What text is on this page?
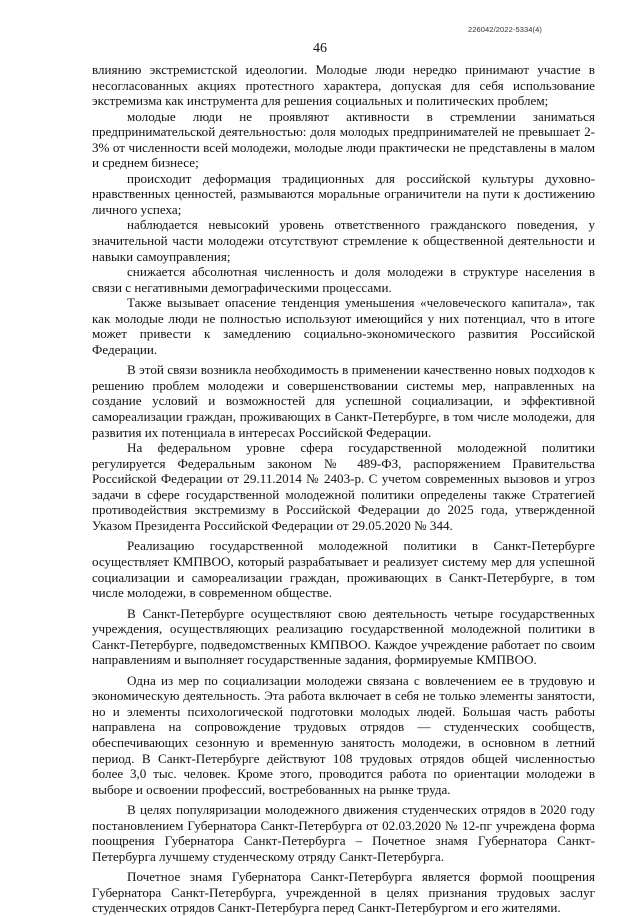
226042/2022-5334(4)
46

влиянию экстремистской идеологии. Молодые люди нередко принимают участие в несогласованных акциях протестного характера, допуская для себя использование экстремизма как инструмента для решения социальных и политических проблем;

молодые люди не проявляют активности в стремлении заниматься предпринимательской деятельностью: доля молодых предпринимателей не превышает 2-3% от численности всей молодежи, молодые люди практически не представлены в малом и среднем бизнесе;

происходит деформация традиционных для российской культуры духовно-нравственных ценностей, размываются моральные ограничители на пути к достижению личного успеха;

наблюдается невысокий уровень ответственного гражданского поведения, у значительной части молодежи отсутствуют стремление к общественной деятельности и навыки самоуправления;

снижается абсолютная численность и доля молодежи в структуре населения в связи с негативными демографическими процессами.

Также вызывает опасение тенденция уменьшения «человеческого капитала», так как молодые люди не полностью используют имеющийся у них потенциал, что в итоге может привести к замедлению социально-экономического развития Российской Федерации.

В этой связи возникла необходимость в применении качественно новых подходов к решению проблем молодежи и совершенствовании системы мер, направленных на создание условий и возможностей для успешной социализации, и эффективной самореализации граждан, проживающих в Санкт-Петербурге, в том числе молодежи, для развития их потенциала в интересах Российской Федерации.

На федеральном уровне сфера государственной молодежной политики регулируется Федеральным законом № 489-ФЗ, распоряжением Правительства Российской Федерации от 29.11.2014 № 2403-р. С учетом современных вызовов и угроз задачи в сфере государственной молодежной политики определены также Стратегией противодействия экстремизму в Российской Федерации до 2025 года, утвержденной Указом Президента Российской Федерации от 29.05.2020 № 344.

Реализацию государственной молодежной политики в Санкт-Петербурге осуществляет КМПВОО, который разрабатывает и реализует систему мер для успешной социализации и самореализации граждан, проживающих в Санкт-Петербурге, в том числе молодежи, в современном обществе.

В Санкт-Петербурге осуществляют свою деятельность четыре государственных учреждения, осуществляющих реализацию государственной молодежной политики в Санкт-Петербурге, подведомственных КМПВОО. Каждое учреждение работает по своим направлениям и выполняет государственные задания, формируемые КМПВОО.

Одна из мер по социализации молодежи связана с вовлечением ее в трудовую и экономическую деятельность. Эта работа включает в себя не только элементы занятости, но и элементы психологической подготовки молодых людей. Большая часть работы направлена на сопровождение трудовых отрядов — студенческих сообществ, обеспечивающих сезонную и временную занятость молодежи, в основном в летний период. В Санкт-Петербурге действуют 108 трудовых отрядов общей численностью более 3,0 тыс. человек. Кроме этого, проводится работа по ориентации молодежи в выборе и освоении профессий, востребованных на рынке труда.

В целях популяризации молодежного движения студенческих отрядов в 2020 году постановлением Губернатора Санкт-Петербурга от 02.03.2020 № 12-пг учреждена форма поощрения Губернатора Санкт-Петербурга – Почетное знамя Губернатора Санкт-Петербурга лучшему студенческому отряду Санкт-Петербурга.

Почетное знамя Губернатора Санкт-Петербурга является формой поощрения Губернатора Санкт-Петербурга, учрежденной в целях признания трудовых заслуг студенческих отрядов Санкт-Петербурга перед Санкт-Петербургом и его жителями.
